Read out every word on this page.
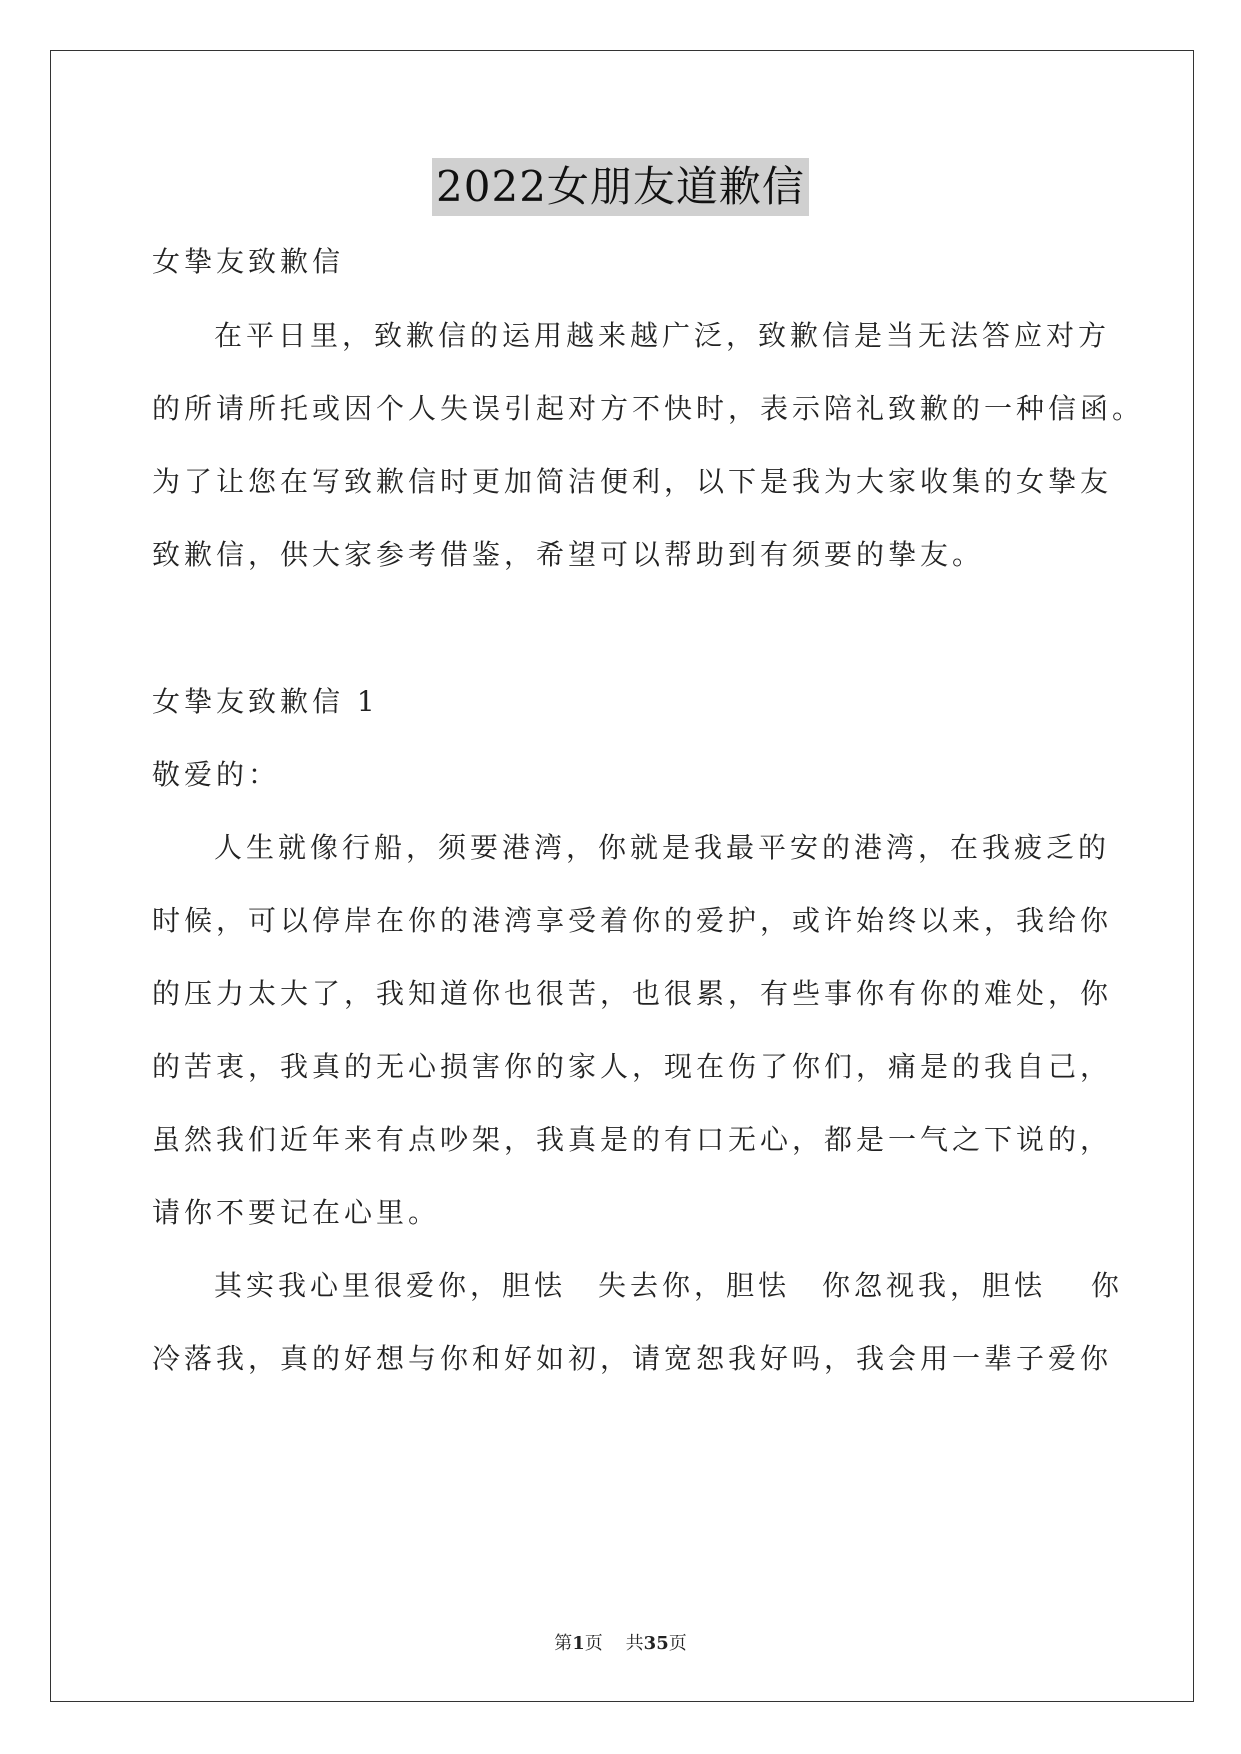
2022女朋友道歉信
女挚友致歉信
在平日里，致歉信的运用越来越广泛，致歉信是当无法答应对方
的所请所托或因个人失误引起对方不快时，表示陪礼致歉的一种信函。
为了让您在写致歉信时更加简洁便利，以下是我为大家收集的女挚友
致歉信，供大家参考借鉴，希望可以帮助到有须要的挚友。
女挚友致歉信 1
敬爱的：
人生就像行船，须要港湾，你就是我最平安的港湾，在我疲乏的
时候，可以停岸在你的港湾享受着你的爱护，或许始终以来，我给你
的压力太大了，我知道你也很苦，也很累，有些事你有你的难处，你
的苦衷，我真的无心损害你的家人，现在伤了你们，痛是的我自己，
虽然我们近年来有点吵架，我真是的有口无心，都是一气之下说的，
请你不要记在心里。
其实我心里很爱你，胆怯　失去你，胆怯　你忽视我，胆怯　 你
冷落我，真的好想与你和好如初，请宽恕我好吗，我会用一辈子爱你
第1页 共35页
